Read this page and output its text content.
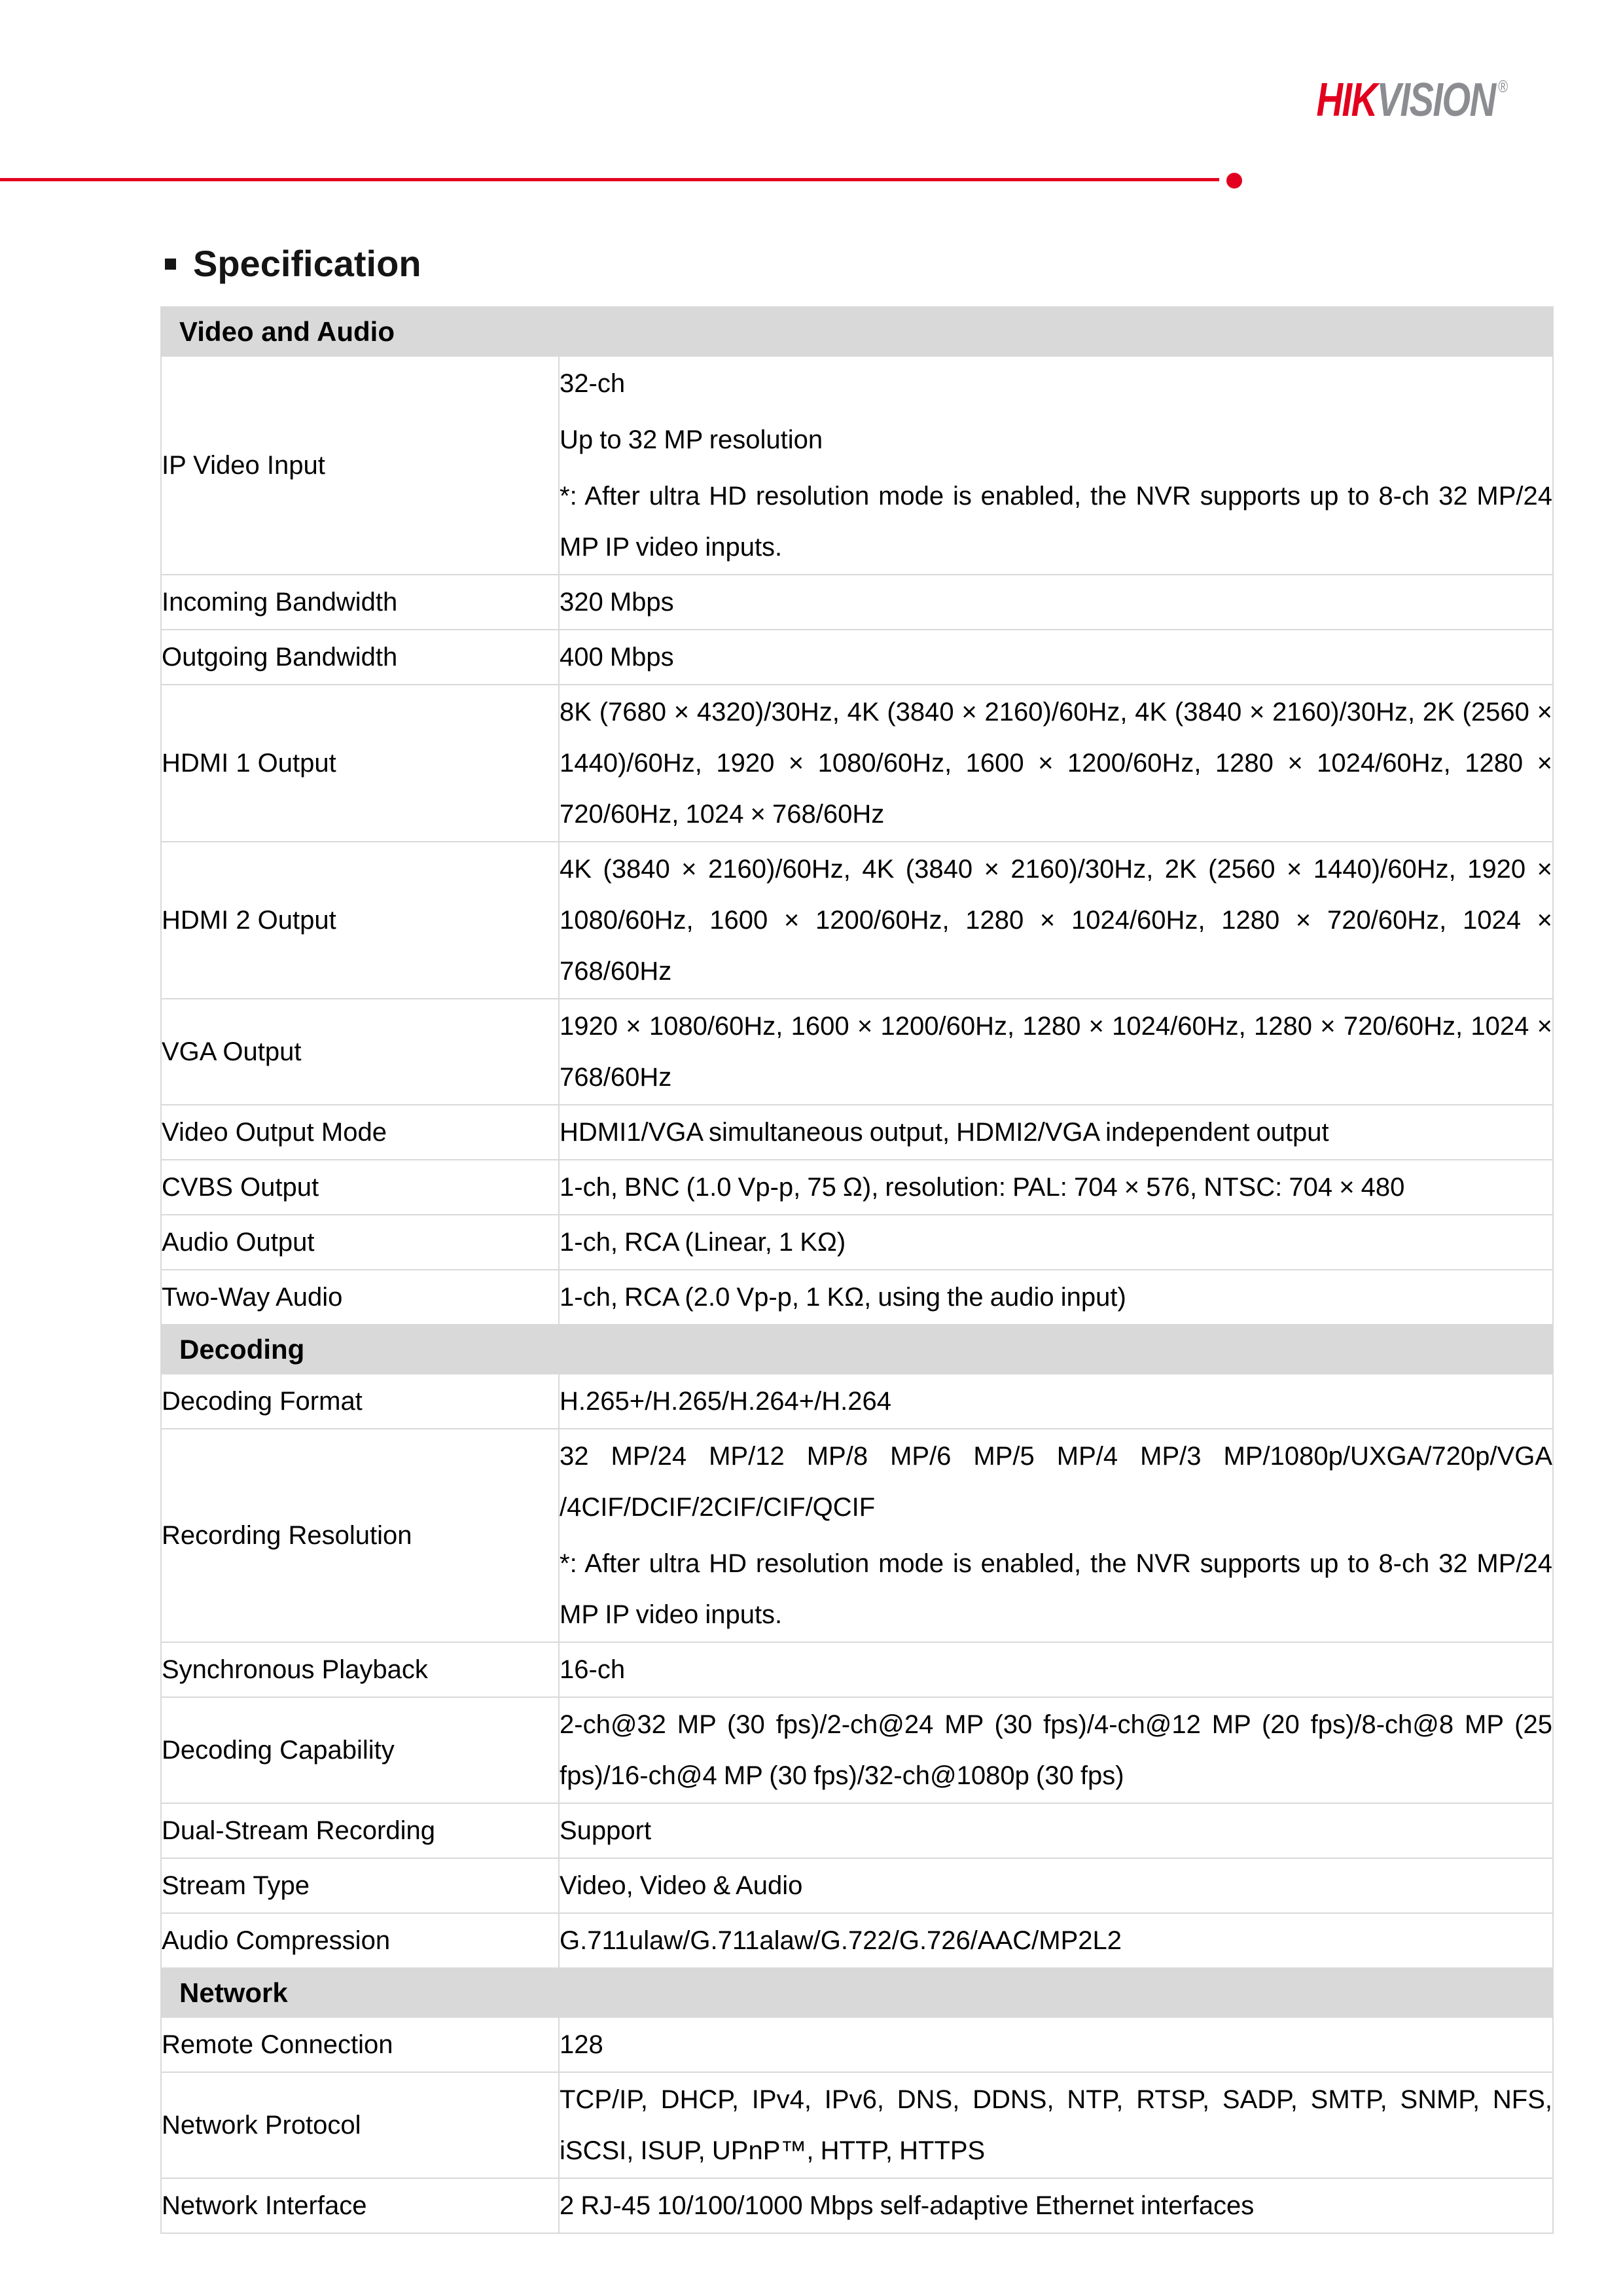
HIKVISION ®
Specification
Video and Audio	
IP Video Input	32-ch

Up to 32 MP resolution

*: After ultra HD resolution mode is enabled, the NVR supports up to 8-ch 32 MP/24 MP IP video inputs.

Incoming Bandwidth	320 Mbps
Outgoing Bandwidth	400 Mbps
HDMI 1 Output	8K (7680 × 4320)/30Hz, 4K (3840 × 2160)/60Hz, 4K (3840 × 2160)/30Hz, 2K (2560 × 1440)/60Hz, 1920 × 1080/60Hz, 1600 × 1200/60Hz, 1280 × 1024/60Hz, 1280 × 720/60Hz, 1024 × 768/60Hz
HDMI 2 Output	4K (3840 × 2160)/60Hz, 4K (3840 × 2160)/30Hz, 2K (2560 × 1440)/60Hz, 1920 × 1080/60Hz, 1600 × 1200/60Hz, 1280 × 1024/60Hz, 1280 × 720/60Hz, 1024 × 768/60Hz
VGA Output	1920 × 1080/60Hz, 1600 × 1200/60Hz, 1280 × 1024/60Hz, 1280 × 720/60Hz, 1024 × 768/60Hz
Video Output Mode	HDMI1/VGA simultaneous output, HDMI2/VGA independent output
CVBS Output	1-ch, BNC (1.0 Vp-p, 75 Ω), resolution: PAL: 704 × 576, NTSC: 704 × 480
Audio Output	1-ch, RCA (Linear, 1 KΩ)
Two-Way Audio	1-ch, RCA (2.0 Vp-p, 1 KΩ, using the audio input)
Decoding	
Decoding Format	H.265+/H.265/H.264+/H.264
Recording Resolution	32 MP/24 MP/12 MP/8 MP/6 MP/5 MP/4 MP/3 MP/1080p/UXGA/720p/VGA /4CIF/DCIF/2CIF/CIF/QCIF

*: After ultra HD resolution mode is enabled, the NVR supports up to 8-ch 32 MP/24 MP IP video inputs.

Synchronous Playback	16-ch
Decoding Capability	2-ch@32 MP (30 fps)/2-ch@24 MP (30 fps)/4-ch@12 MP (20 fps)/8-ch@8 MP (25 fps)/16-ch@4 MP (30 fps)/32-ch@1080p (30 fps)
Dual-Stream Recording	Support
Stream Type	Video, Video & Audio
Audio Compression	G.711ulaw/G.711alaw/G.722/G.726/AAC/MP2L2
Network	
Remote Connection	128
Network Protocol	TCP/IP, DHCP, IPv4, IPv6, DNS, DDNS, NTP, RTSP, SADP, SMTP, SNMP, NFS, iSCSI, ISUP, UPnP™, HTTP, HTTPS
Network Interface	2 RJ-45 10/100/1000 Mbps self-adaptive Ethernet interfaces
